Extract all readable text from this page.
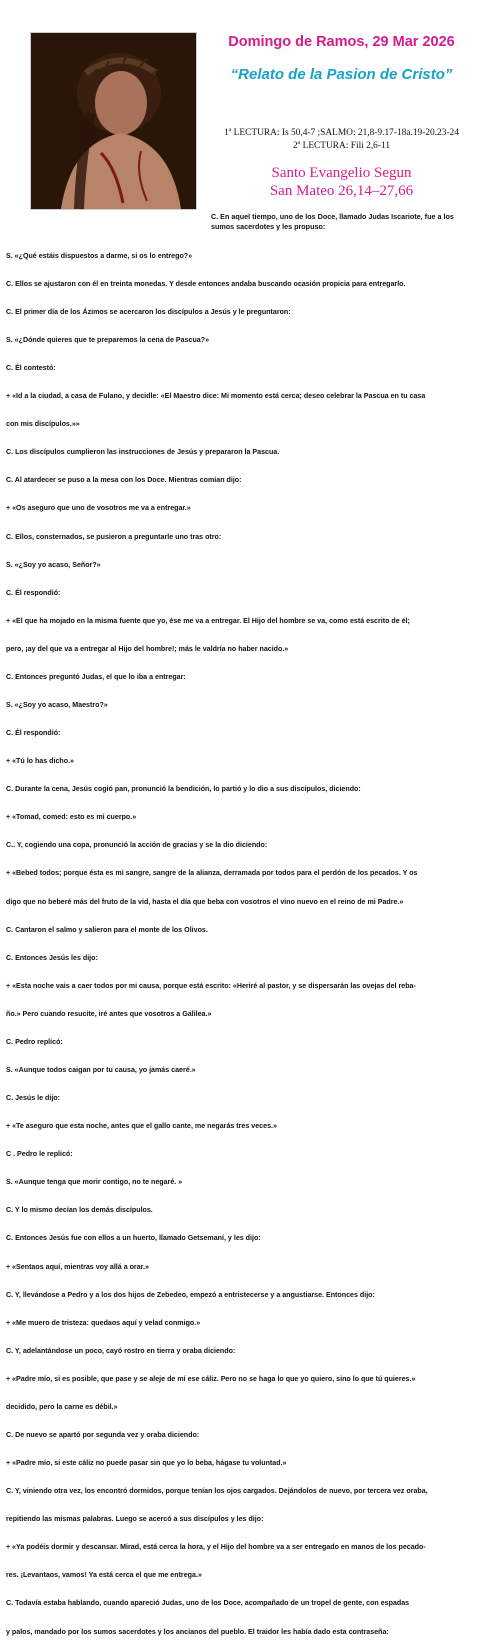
Domingo de Ramos, 29 Mar 2026
“Relato de la Pasion de Cristo”
1ª LECTURA: Is 50,4-7 ;SALMO: 21,8-9.17-18a.19-20.23-24
2ª LECTURA: Fili 2,6-11
Santo Evangelio Segun
San Mateo 26,14–27,66
C. En aquel tiempo, uno de los Doce, llamado Judas Iscariote, fue a los
sumos sacerdotes y les propuso:

S. «¿Qué estáis dispuestos a darme, si os lo entrego?»

C. Ellos se ajustaron con él en treinta monedas. Y desde entonces andaba buscando ocasión propicia para entregarlo.

C. El primer día de los Ázimos se acercaron los discípulos a Jesús y le preguntaron:

S. «¿Dónde quieres que te preparemos la cena de Pascua?»

C. Él contestó:

+ «Id a la ciudad, a casa de Fulano, y decidle: «El Maestro dice: Mi momento está cerca; deseo celebrar la Pascua en tu casa

con mis discípulos.»»

C. Los discípulos cumplieron las instrucciones de Jesús y prepararon la Pascua.

C. Al atardecer se puso a la mesa con los Doce. Mientras comían dijo:

+ «Os aseguro que uno de vosotros me va a entregar.»

C. Ellos, consternados, se pusieron a preguntarle uno tras otro:

S. «¿Soy yo acaso, Señor?»

C. Él respondió:

+ «El que ha mojado en la misma fuente que yo, ése me va a entregar. El Hijo del hombre se va, como está escrito de él;

pero, ¡ay del que va a entregar al Hijo del hombre!; más le valdría no haber nacido.»

C. Entonces preguntó Judas, el que lo iba a entregar:

S. «¿Soy yo acaso, Maestro?»

C. Él respondió:

+ «Tú lo has dicho.»

C. Durante la cena, Jesús cogió pan, pronunció la bendición, lo partió y lo dio a sus discípulos, diciendo:

+ «Tomad, comed: esto es mi cuerpo.»

C.. Y, cogiendo una copa, pronunció la acción de gracias y se la dio diciendo:

+ «Bebed todos; porque ésta es mi sangre, sangre de la alianza, derramada por todos para el perdón de los pecados. Y os

digo que no beberé más del fruto de la vid, hasta el día que beba con vosotros el vino nuevo en el reino de mi Padre.»

C. Cantaron el salmo y salieron para el monte de los Olivos.

C. Entonces Jesús les dijo:

+ «Esta noche vais a caer todos por mi causa, porque está escrito: «Heriré al pastor, y se dispersarán las ovejas del reba-

ño.» Pero cuando resucite, iré antes que vosotros a Galilea.»

C. Pedro replicó:

S. «Aunque todos caigan por tu causa, yo jamás caeré.»

C. Jesús le dijo:

+ «Te aseguro que esta noche, antes que el gallo cante, me negarás tres veces.»

C . Pedro le replicó:

S. «Aunque tenga que morir contigo, no te negaré. »

C. Y lo mismo decían los demás discípulos.

C. Entonces Jesús fue con ellos a un huerto, llamado Getsemaní, y les dijo:

+ «Sentaos aquí, mientras voy allá a orar.»

C. Y, llevándose a Pedro y a los dos hijos de Zebedeo, empezó a entristecerse y a angustiarse. Entonces dijo:

+ «Me muero de tristeza: quedaos aquí y velad conmigo.»

C. Y, adelantándose un poco, cayó rostro en tierra y oraba diciendo:

+ «Padre mío, si es posible, que pase y se aleje de mí ese cáliz. Pero no se haga lo que yo quiero, sino lo que tú quieres.»

decidido, pero la carne es débil.»

C. De nuevo se apartó por segunda vez y oraba diciendo:

+ «Padre mío, si este cáliz no puede pasar sin que yo lo beba, hágase tu voluntad.»

C. Y, viniendo otra vez, los encontró dormidos, porque tenían los ojos cargados. Dejándolos de nuevo, por tercera vez oraba,

repitiendo las mismas palabras. Luego se acercó a sus discípulos y les dijo:

+ «Ya podéis dormir y descansar. Mirad, está cerca la hora, y el Hijo del hombre va a ser entregado en manos de los pecado-

res. ¡Levantaos, vamos! Ya está cerca el que me entrega.»

C. Todavía estaba hablando, cuando apareció Judas, uno de los Doce, acompañado de un tropel de gente, con espadas

y palos, mandado por los sumos sacerdotes y los ancianos del pueblo. El traidor les había dado esta contraseña:
